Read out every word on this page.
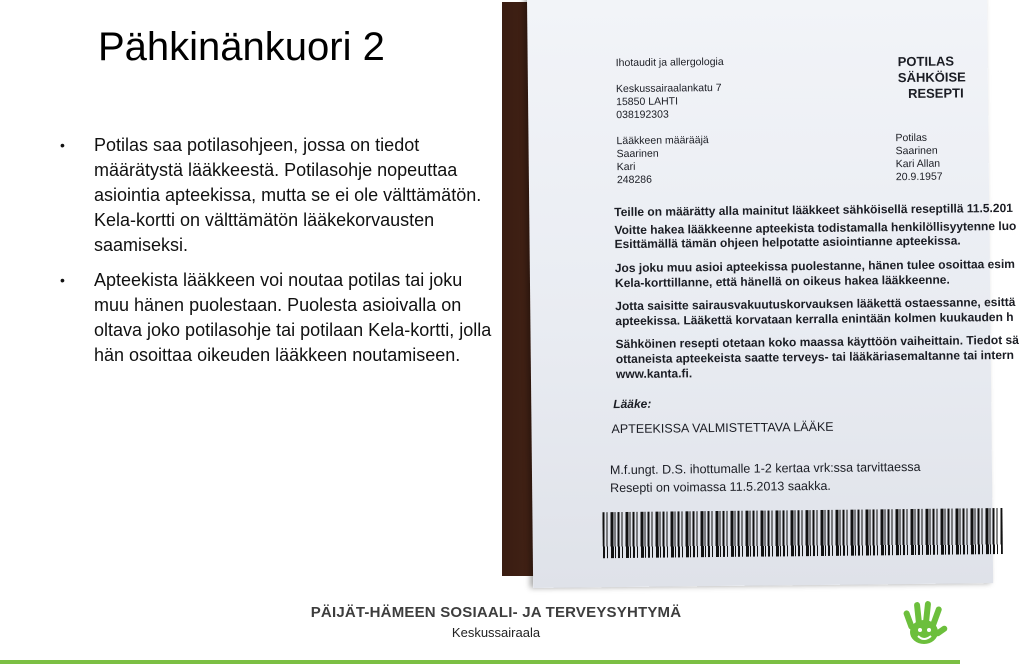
Pähkinänkuori 2
• Potilas saa potilasohjeen, jossa on tiedot määrätystä lääkkeestä. Potilasohje nopeuttaa asiointia apteekissa, mutta se ei ole välttämätön. Kela-kortti on välttämätön lääkekorvausten saamiseksi.
• Apteekista lääkkeen voi noutaa potilas tai joku muu hänen puolestaan. Puolesta asioivalla on oltava joko potilasohje tai potilaan Kela-kortti, jolla hän osoittaa oikeuden lääkkeen noutamiseen.
Ihotaudit ja allergologia
Keskussairaalankatu 7
15850 LAHTI
038192303
Lääkkeen määrääjä
Saarinen
Kari
248286
POTILAS
SÄHKÖISE
RESEPTI
Potilas
Saarinen
Kari Allan
20.9.1957
Teille on määrätty alla mainitut lääkkeet sähköisellä reseptillä 11.5.201
Voitte hakea lääkkeenne apteekista todistamalla henkilöllisyytenne luo
Esittämällä tämän ohjeen helpotatte asiointianne apteekissa.
Jos joku muu asioi apteekissa puolestanne, hänen tulee osoittaa esim
Kela-korttillanne, että hänellä on oikeus hakea lääkkeenne.
Jotta saisitte sairausvakuutuskorvauksen lääkettä ostaessanne, esittä
apteekissa. Lääkettä korvataan kerralla enintään kolmen kuukauden h
Sähköinen resepti otetaan koko maassa käyttöön vaiheittain. Tiedot sä
ottaneista apteekeista saatte terveys- tai lääkäriasemaltanne tai intern
www.kanta.fi.
Lääke:
APTEEKISSA VALMISTETTAVA LÄÄKE
M.f.ungt. D.S. ihottumalle 1-2 kertaa vrk:ssa tarvittaessa
Resepti on voimassa 11.5.2013 saakka.
PÄIJÄT-HÄMEEN SOSIAALI- JA TERVEYSYHTYMÄ
Keskussairaala
